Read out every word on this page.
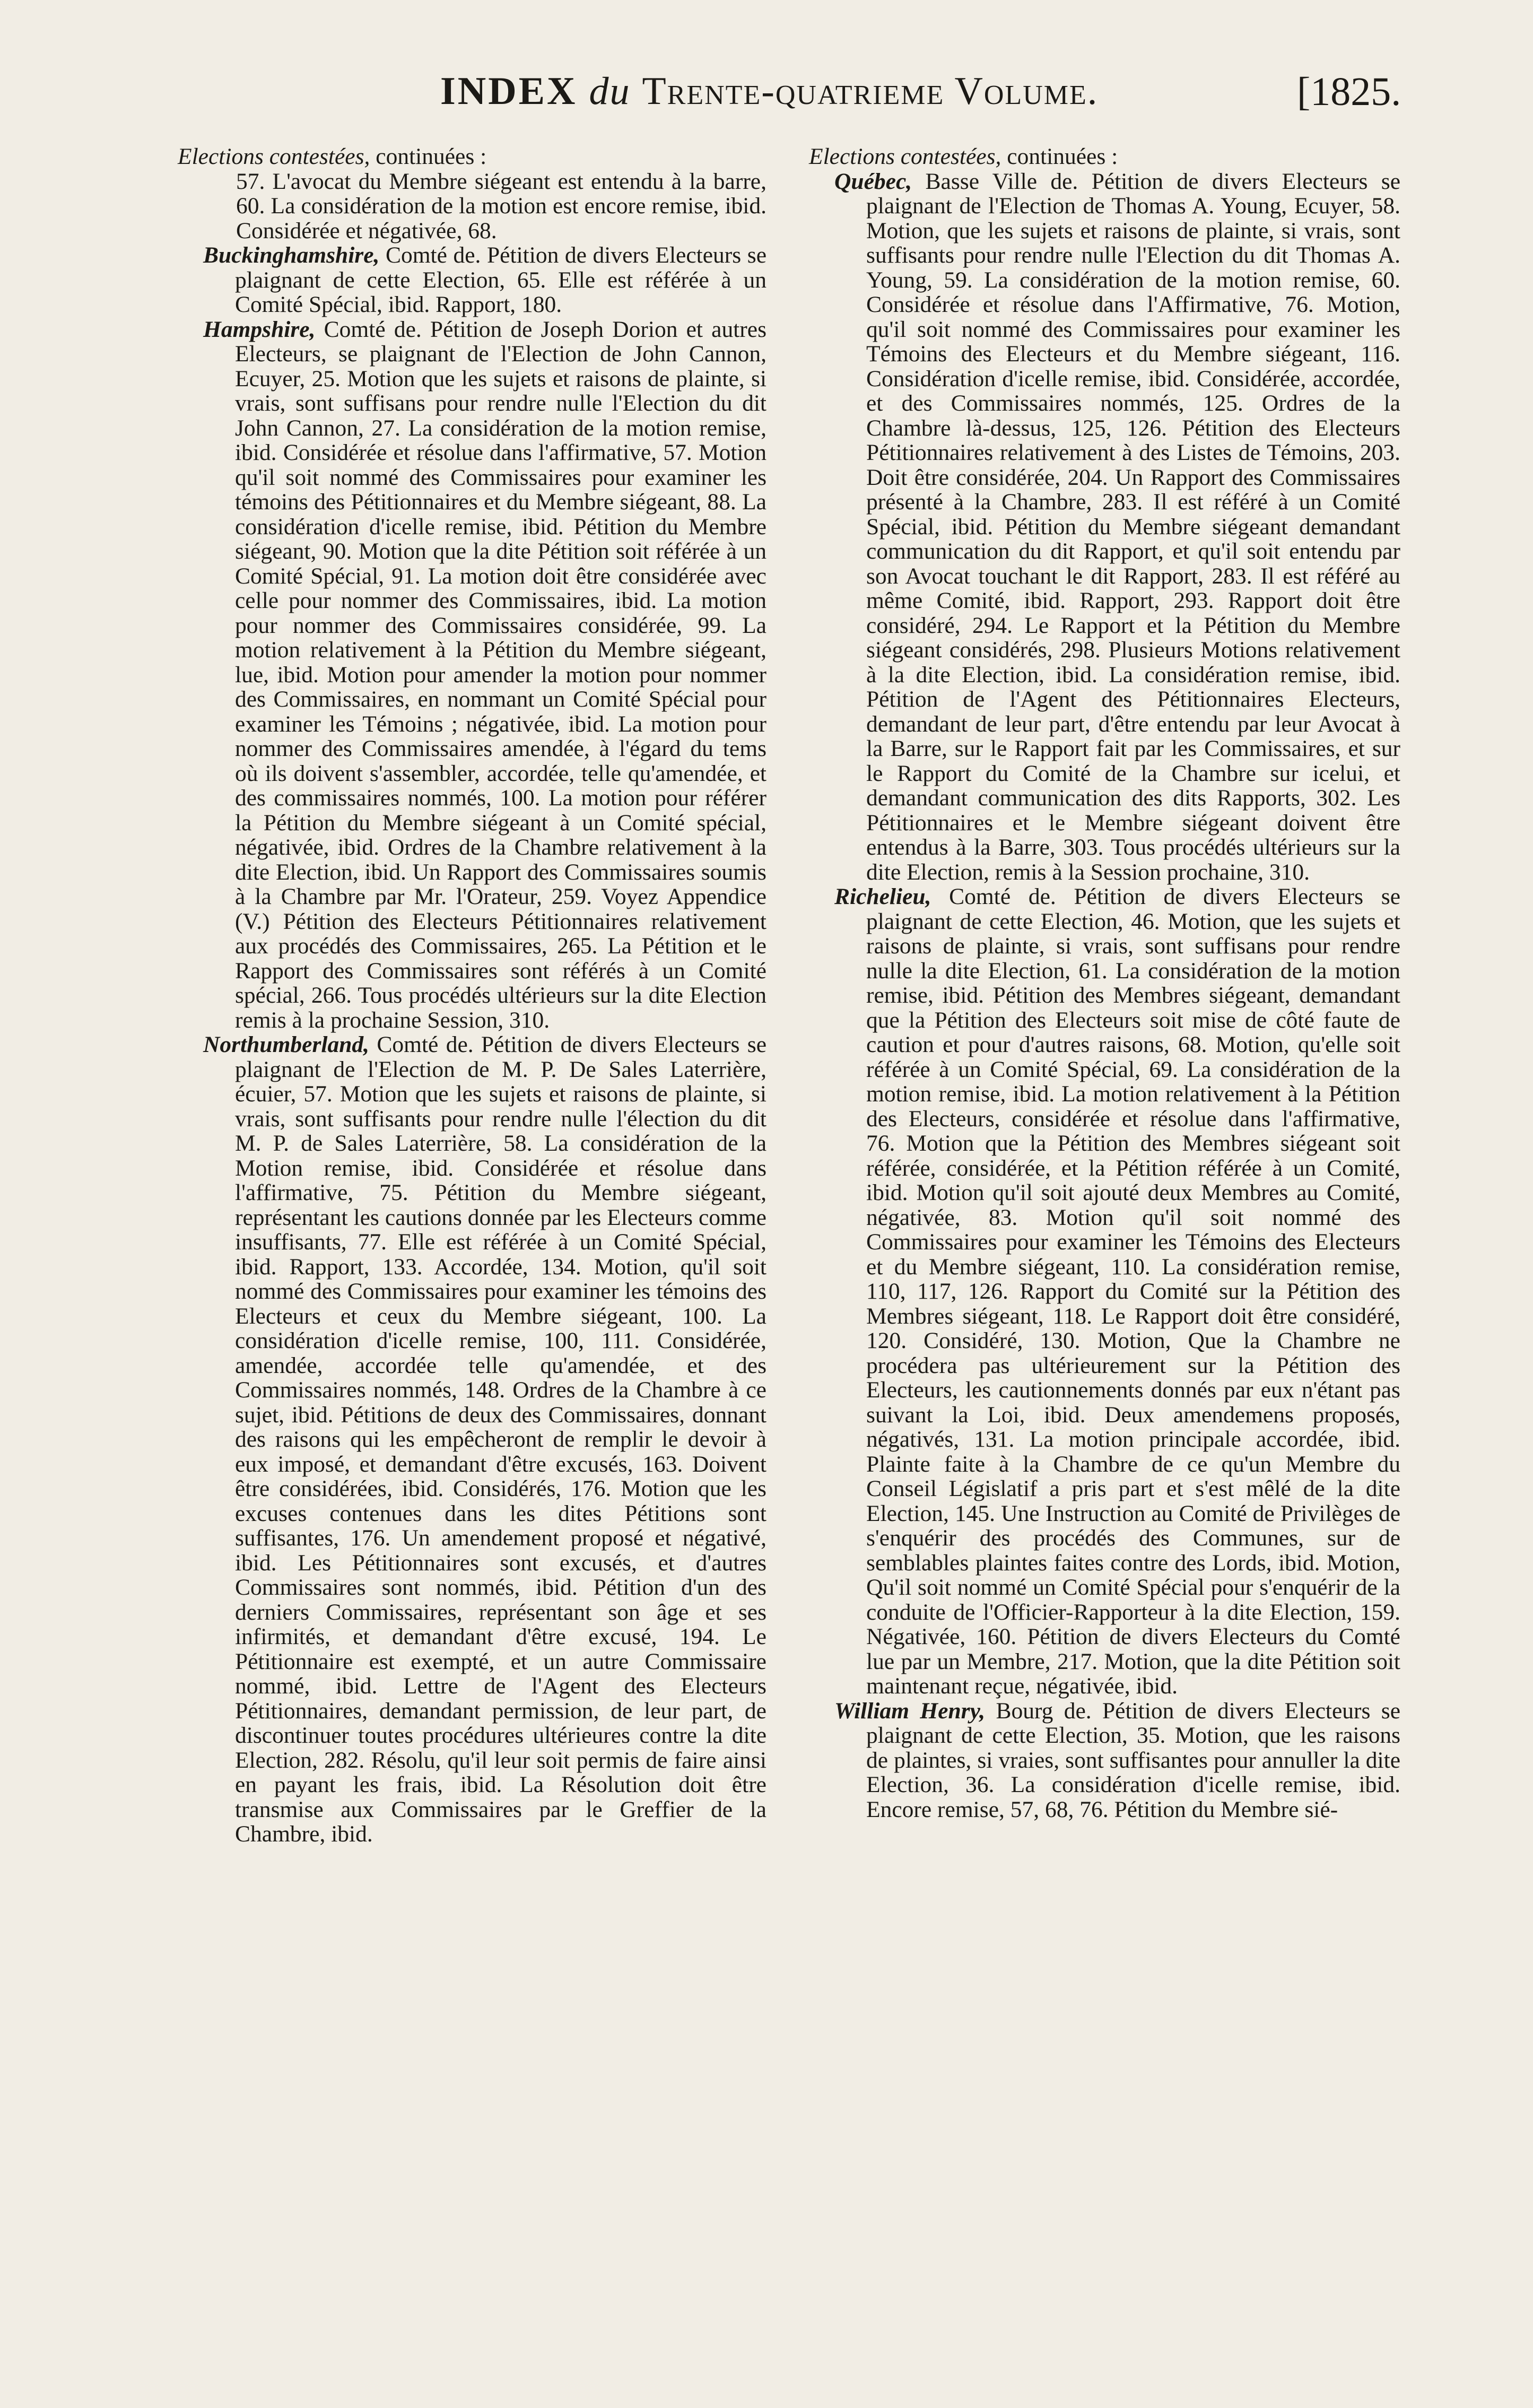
INDEX du Trente-quatrieme Volume.	[1825.

Elections contestées, continuées :

57. L'avocat du Membre siégeant est entendu à la barre, 60. La considération de la motion est encore remise, ibid. Considérée et négativée, 68.

Buckinghamshire, Comté de. Pétition de divers Electeurs se plaignant de cette Election, 65. Elle est référée à un Comité Spécial, ibid. Rapport, 180.

Hampshire, Comté de. Pétition de Joseph Dorion et autres Electeurs, se plaignant de l'Election de John Cannon, Ecuyer, 25. Motion que les sujets et raisons de plainte, si vrais, sont suffisans pour rendre nulle l'Election du dit John Cannon, 27. La considération de la motion remise, ibid. Considérée et résolue dans l'affirmative, 57. Motion qu'il soit nommé des Commissaires pour examiner les témoins des Pétitionnaires et du Membre siégeant, 88. La considération d'icelle remise, ibid. Pétition du Membre siégeant, 90. Motion que la dite Pétition soit référée à un Comité Spécial, 91. La motion doit être considérée avec celle pour nommer des Commissaires, ibid. La motion pour nommer des Commissaires considérée, 99. La motion relativement à la Pétition du Membre siégeant, lue, ibid. Motion pour amender la motion pour nommer des Commissaires, en nommant un Comité Spécial pour examiner les Témoins ; négativée, ibid. La motion pour nommer des Commissaires amendée, à l'égard du tems où ils doivent s'assembler, accordée, telle qu'amendée, et des commissaires nommés, 100. La motion pour référer la Pétition du Membre siégeant à un Comité spécial, négativée, ibid. Ordres de la Chambre relativement à la dite Election, ibid. Un Rapport des Commissaires soumis à la Chambre par Mr. l'Orateur, 259. Voyez Appendice (V.) Pétition des Electeurs Pétitionnaires relativement aux procédés des Commissaires, 265. La Pétition et le Rapport des Commissaires sont référés à un Comité spécial, 266. Tous procédés ultérieurs sur la dite Election remis à la prochaine Session, 310.

Northumberland, Comté de. Pétition de divers Electeurs se plaignant de l'Election de M. P. De Sales Laterrière, écuier, 57. Motion que les sujets et raisons de plainte, si vrais, sont suffisants pour rendre nulle l'élection du dit M. P. de Sales Laterrière, 58. La considération de la Motion remise, ibid. Considérée et résolue dans l'affirmative, 75. Pétition du Membre siégeant, représentant les cautions donnée par les Electeurs comme insuffisants, 77. Elle est référée à un Comité Spécial, ibid. Rapport, 133. Accordée, 134. Motion, qu'il soit nommé des Commissaires pour examiner les témoins des Electeurs et ceux du Membre siégeant, 100. La considération d'icelle remise, 100, 111. Considérée, amendée, accordée telle qu'amendée, et des Commissaires nommés, 148. Ordres de la Chambre à ce sujet, ibid. Pétitions de deux des Commissaires, donnant des raisons qui les empêcheront de remplir le devoir à eux imposé, et demandant d'être excusés, 163. Doivent être considérées, ibid. Considérés, 176. Motion que les excuses contenues dans les dites Pétitions sont suffisantes, 176. Un amendement proposé et négativé, ibid. Les Pétitionnaires sont excusés, et d'autres Commissaires sont nommés, ibid. Pétition d'un des derniers Commissaires, représentant son âge et ses infirmités, et demandant d'être excusé, 194. Le Pétitionnaire est exempté, et un autre Commissaire nommé, ibid. Lettre de l'Agent des Electeurs Pétitionnaires, demandant permission, de leur part, de discontinuer toutes procédures ultérieures contre la dite Election, 282. Résolu, qu'il leur soit permis de faire ainsi en payant les frais, ibid. La Résolution doit être transmise aux Commissaires par le Greffier de la Chambre, ibid.

Elections contestées, continuées :

Québec, Basse Ville de. Pétition de divers Electeurs se plaignant de l'Election de Thomas A. Young, Ecuyer, 58. Motion, que les sujets et raisons de plainte, si vrais, sont suffisants pour rendre nulle l'Election du dit Thomas A. Young, 59. La considération de la motion remise, 60. Considérée et résolue dans l'Affirmative, 76. Motion, qu'il soit nommé des Commissaires pour examiner les Témoins des Electeurs et du Membre siégeant, 116. Considération d'icelle remise, ibid. Considérée, accordée, et des Commissaires nommés, 125. Ordres de la Chambre là-dessus, 125, 126. Pétition des Electeurs Pétitionnaires relativement à des Listes de Témoins, 203. Doit être considérée, 204. Un Rapport des Commissaires présenté à la Chambre, 283. Il est référé à un Comité Spécial, ibid. Pétition du Membre siégeant demandant communication du dit Rapport, et qu'il soit entendu par son Avocat touchant le dit Rapport, 283. Il est référé au même Comité, ibid. Rapport, 293. Rapport doit être considéré, 294. Le Rapport et la Pétition du Membre siégeant considérés, 298. Plusieurs Motions relativement à la dite Election, ibid. La considération remise, ibid. Pétition de l'Agent des Pétitionnaires Electeurs, demandant de leur part, d'être entendu par leur Avocat à la Barre, sur le Rapport fait par les Commissaires, et sur le Rapport du Comité de la Chambre sur icelui, et demandant communication des dits Rapports, 302. Les Pétitionnaires et le Membre siégeant doivent être entendus à la Barre, 303. Tous procédés ultérieurs sur la dite Election, remis à la Session prochaine, 310.

Richelieu, Comté de. Pétition de divers Electeurs se plaignant de cette Election, 46. Motion, que les sujets et raisons de plainte, si vrais, sont suffisans pour rendre nulle la dite Election, 61. La considération de la motion remise, ibid. Pétition des Membres siégeant, demandant que la Pétition des Electeurs soit mise de côté faute de caution et pour d'autres raisons, 68. Motion, qu'elle soit référée à un Comité Spécial, 69. La considération de la motion remise, ibid. La motion relativement à la Pétition des Electeurs, considérée et résolue dans l'affirmative, 76. Motion que la Pétition des Membres siégeant soit référée, considérée, et la Pétition référée à un Comité, ibid. Motion qu'il soit ajouté deux Membres au Comité, négativée, 83. Motion qu'il soit nommé des Commissaires pour examiner les Témoins des Electeurs et du Membre siégeant, 110. La considération remise, 110, 117, 126. Rapport du Comité sur la Pétition des Membres siégeant, 118. Le Rapport doit être considéré, 120. Considéré, 130. Motion, Que la Chambre ne procédera pas ultérieurement sur la Pétition des Electeurs, les cautionnements donnés par eux n'étant pas suivant la Loi, ibid. Deux amendemens proposés, négativés, 131. La motion principale accordée, ibid. Plainte faite à la Chambre de ce qu'un Membre du Conseil Législatif a pris part et s'est mêlé de la dite Election, 145. Une Instruction au Comité de Privilèges de s'enquérir des procédés des Communes, sur de semblables plaintes faites contre des Lords, ibid. Motion, Qu'il soit nommé un Comité Spécial pour s'enquérir de la conduite de l'Officier-Rapporteur à la dite Election, 159. Négativée, 160. Pétition de divers Electeurs du Comté lue par un Membre, 217. Motion, que la dite Pétition soit maintenant reçue, négativée, ibid.

William Henry, Bourg de. Pétition de divers Electeurs se plaignant de cette Election, 35. Motion, que les raisons de plaintes, si vraies, sont suffisantes pour annuller la dite Election, 36. La considération d'icelle remise, ibid. Encore remise, 57, 68, 76. Pétition du Membre sié-
